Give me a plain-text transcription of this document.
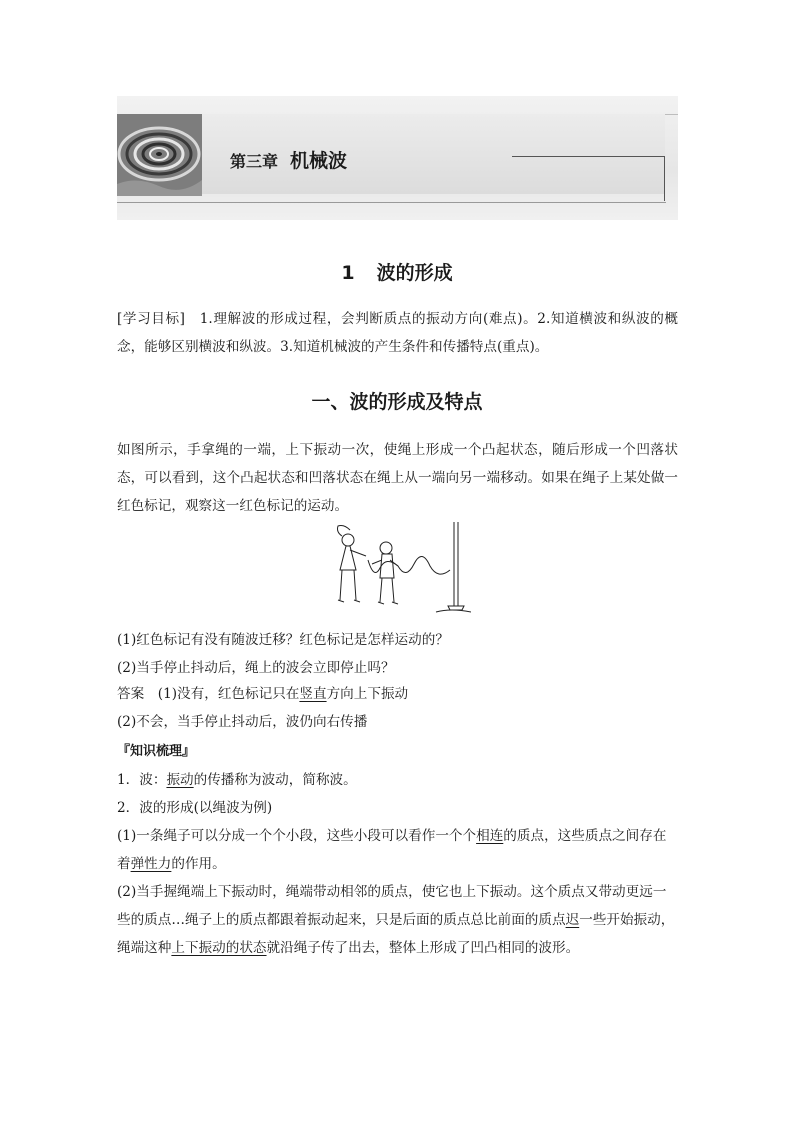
第三章 机械波
1 波的形成
[学习目标]　1.理解波的形成过程，会判断质点的振动方向(难点)。2.知道横波和纵波的概念，能够区别横波和纵波。3.知道机械波的产生条件和传播特点(重点)。
一、波的形成及特点
如图所示，手拿绳的一端，上下振动一次，使绳上形成一个凸起状态，随后形成一个凹落状态，可以看到，这个凸起状态和凹落状态在绳上从一端向另一端移动。如果在绳子上某处做一红色标记，观察这一红色标记的运动。
(1)红色标记有没有随波迁移？红色标记是怎样运动的？
(2)当手停止抖动后，绳上的波会立即停止吗？
答案　(1)没有，红色标记只在竖直方向上下振动
(2)不会，当手停止抖动后，波仍向右传播
『知识梳理』
1．波：振动的传播称为波动，简称波。
2．波的形成(以绳波为例)
(1)一条绳子可以分成一个个小段，这些小段可以看作一个个相连的质点，这些质点之间存在
着弹性力的作用。
(2)当手握绳端上下振动时，绳端带动相邻的质点，使它也上下振动。这个质点又带动更远一
些的质点…绳子上的质点都跟着振动起来，只是后面的质点总比前面的质点迟一些开始振动，
绳端这种上下振动的状态就沿绳子传了出去，整体上形成了凹凸相同的波形。
